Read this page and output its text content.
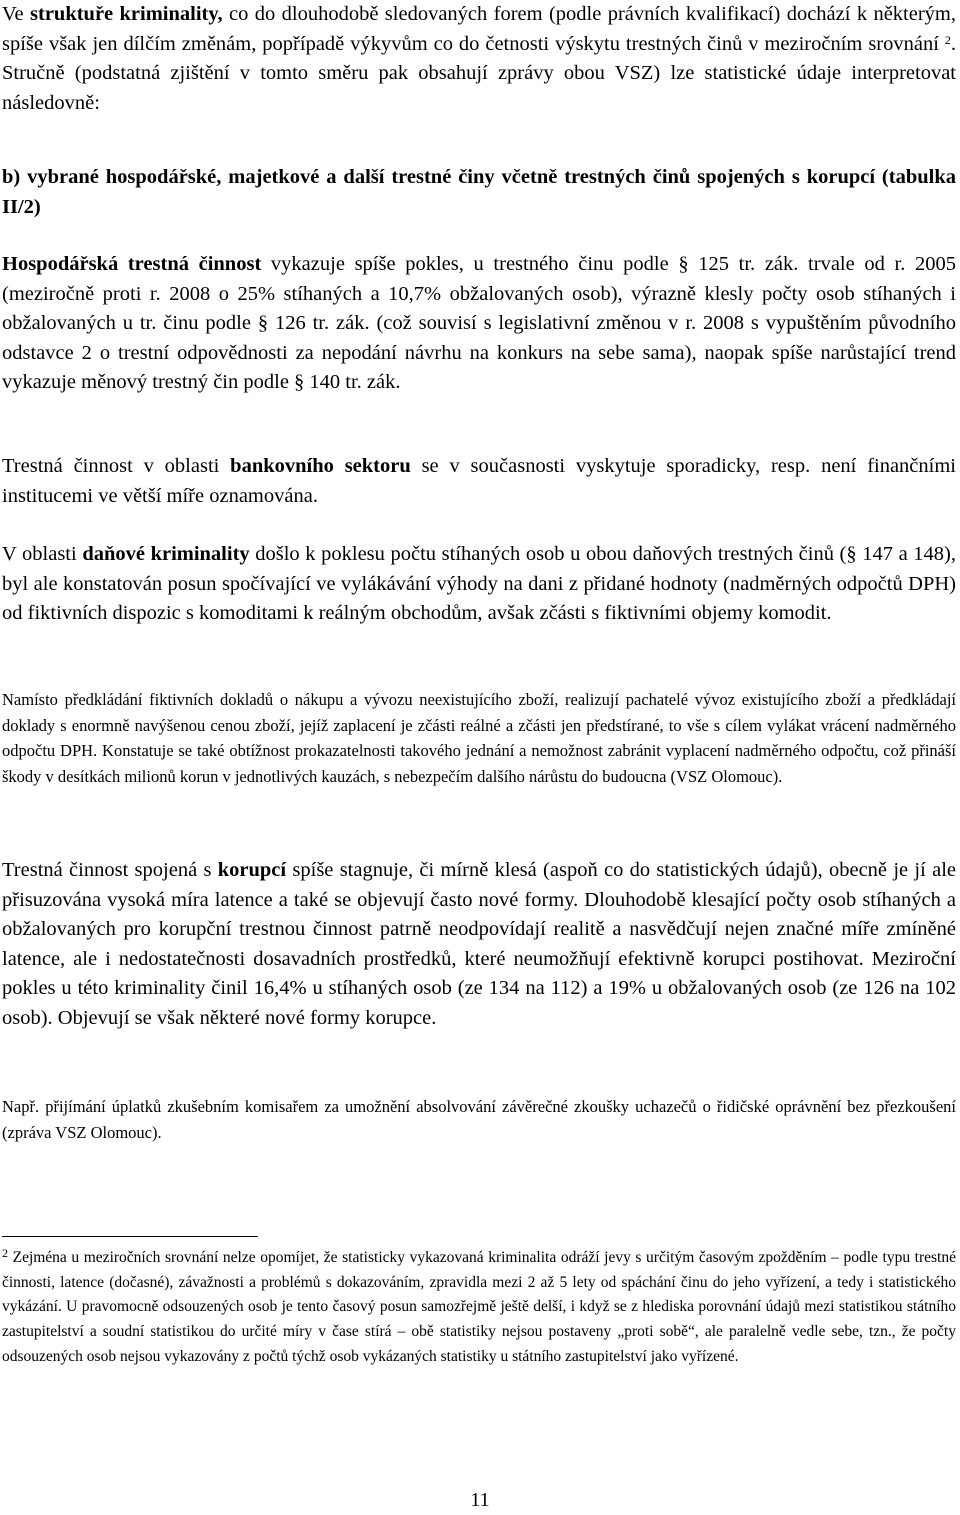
Ve struktuře kriminality, co do dlouhodobě sledovaných forem (podle právních kvalifikací) dochází k některým, spíše však jen dílčím změnám, popřípadě výkyvům co do četnosti výskytu trestných činů v meziročním srovnání $^2$. Stručně (podstatná zjištění v tomto směru pak obsahují zprávy obou VSZ) lze statistické údaje interpretovat následovně:

b) vybrané hospodářské, majetkové a další trestné činy včetně trestných činů spojených s korupcí (tabulka II/2)

Hospodářská trestná činnost vykazuje spíše pokles, u trestného činu podle § 125 tr. zák. trvale od r. 2005 (meziročně proti r. 2008 o 25% stíhaných a 10,7% obžalovaných osob), výrazně klesly počty osob stíhaných i obžalovaných u tr. činu podle § 126 tr. zák. (což souvisí s legislativní změnou v r. 2008 s vypuštěním původního odstavce 2 o trestní odpovědnosti za nepodání návrhu na konkurs na sebe sama), naopak spíše narůstající trend vykazuje měnový trestný čin podle § 140 tr. zák.

Trestná činnost v oblasti bankovního sektoru se v současnosti vyskytuje sporadicky, resp. není finančními institucemi ve větší míře oznamována.

V oblasti daňové kriminality došlo k poklesu počtu stíhaných osob u obou daňových trestných činů (§ 147 a 148), byl ale konstatován posun spočívající ve vylákávání výhody na dani z přidané hodnoty (nadměrných odpočtů DPH) od fiktivních dispozic s komoditami k reálným obchodům, avšak zčásti s fiktivními objemy komodit.

Namísto předkládání fiktivních dokladů o nákupu a vývozu neexistujícího zboží, realizují pachatelé vývoz existujícího zboží a předkládají doklady s enormně navýšenou cenou zboží, jejíž zaplacení je zčásti reálné a zčásti jen předstírané, to vše s cílem vylákat vrácení nadměrného odpočtu DPH. Konstatuje se také obtížnost prokazatelnosti takového jednání a nemožnost zabránit vyplacení nadměrného odpočtu, což přináší škody v desítkách milionů korun v jednotlivých kauzách, s nebezpečím dalšího nárůstu do budoucna (VSZ Olomouc).

Trestná činnost spojená s korupcí spíše stagnuje, či mírně klesá (aspoň co do statistických údajů), obecně je jí ale přisuzována vysoká míra latence a také se objevují často nové formy. Dlouhodobě klesající počty osob stíhaných a obžalovaných pro korupční trestnou činnost patrně neodpovídají realitě a nasvědčují nejen značné míře zmíněné latence, ale i nedostatečnosti dosavadních prostředků, které neumožňují efektivně korupci postihovat. Meziroční pokles u této kriminality činil 16,4% u stíhaných osob (ze 134 na 112) a 19% u obžalovaných osob (ze 126 na 102 osob). Objevují se však některé nové formy korupce.

Např. přijímání úplatků zkušebním komisařem za umožnění absolvování závěrečné zkoušky uchazečů o řidičské oprávnění bez přezkoušení (zpráva VSZ Olomouc).

$^2$ Zejména u meziročních srovnání nelze opomíjet, že statisticky vykazovaná kriminalita odráží jevy s určitým časovým zpožděním – podle typu trestné činnosti, latence (dočasné), závažnosti a problémů s dokazováním, zpravidla mezi 2 až 5 lety od spáchání činu do jeho vyřízení, a tedy i statistického vykázání. U pravomocně odsouzených osob je tento časový posun samozřejmě ještě delší, i když se z hlediska porovnání údajů mezi statistikou státního zastupitelství a soudní statistikou do určité míry v čase stírá – obě statistiky nejsou postaveny „proti sobě“, ale paralelně vedle sebe, tzn., že počty odsouzených osob nejsou vykazovány z počtů týchž osob vykázaných statistiky u státního zastupitelství jako vyřízené.

11
